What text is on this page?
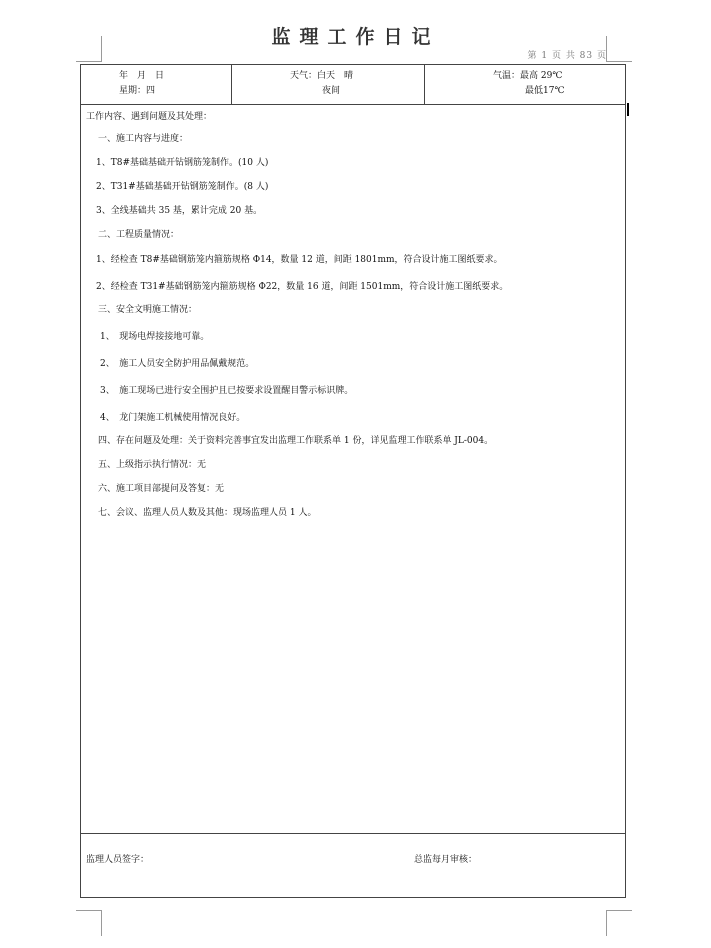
监理工作日记
第 1 页 共 83 页
年　月　日
星期：四
天气：白天　晴
夜间
气温：最高 29℃
最低17℃
工作内容、遇到问题及其处理：
一、施工内容与进度：
1、T8#基础基础开钻钢筋笼制作。(10 人)
2、T31#基础基础开钻钢筋笼制作。(8 人)
3、全线基础共 35 基，累计完成 20 基。
二、工程质量情况：
1、经检查 T8#基础钢筋笼内箍筋规格 Φ14，数量 12 道，间距 1801mm，符合设计施工图纸要求。
2、经检查 T31#基础钢筋笼内箍筋规格 Φ22，数量 16 道，间距 1501mm，符合设计施工图纸要求。
三、安全文明施工情况：
1、　现场电焊接接地可靠。
2、　施工人员安全防护用品佩戴规范。
3、　施工现场已进行安全围护且已按要求设置醒目警示标识牌。
4、　龙门架施工机械使用情况良好。
四、存在问题及处理：关于资料完善事宜发出监理工作联系单 1 份，详见监理工作联系单 JL-004。
五、上级指示执行情况：无
六、施工项目部提问及答复：无
七、会议、监理人员人数及其他：现场监理人员 1 人。
监理人员签字：	总监每月审核：
